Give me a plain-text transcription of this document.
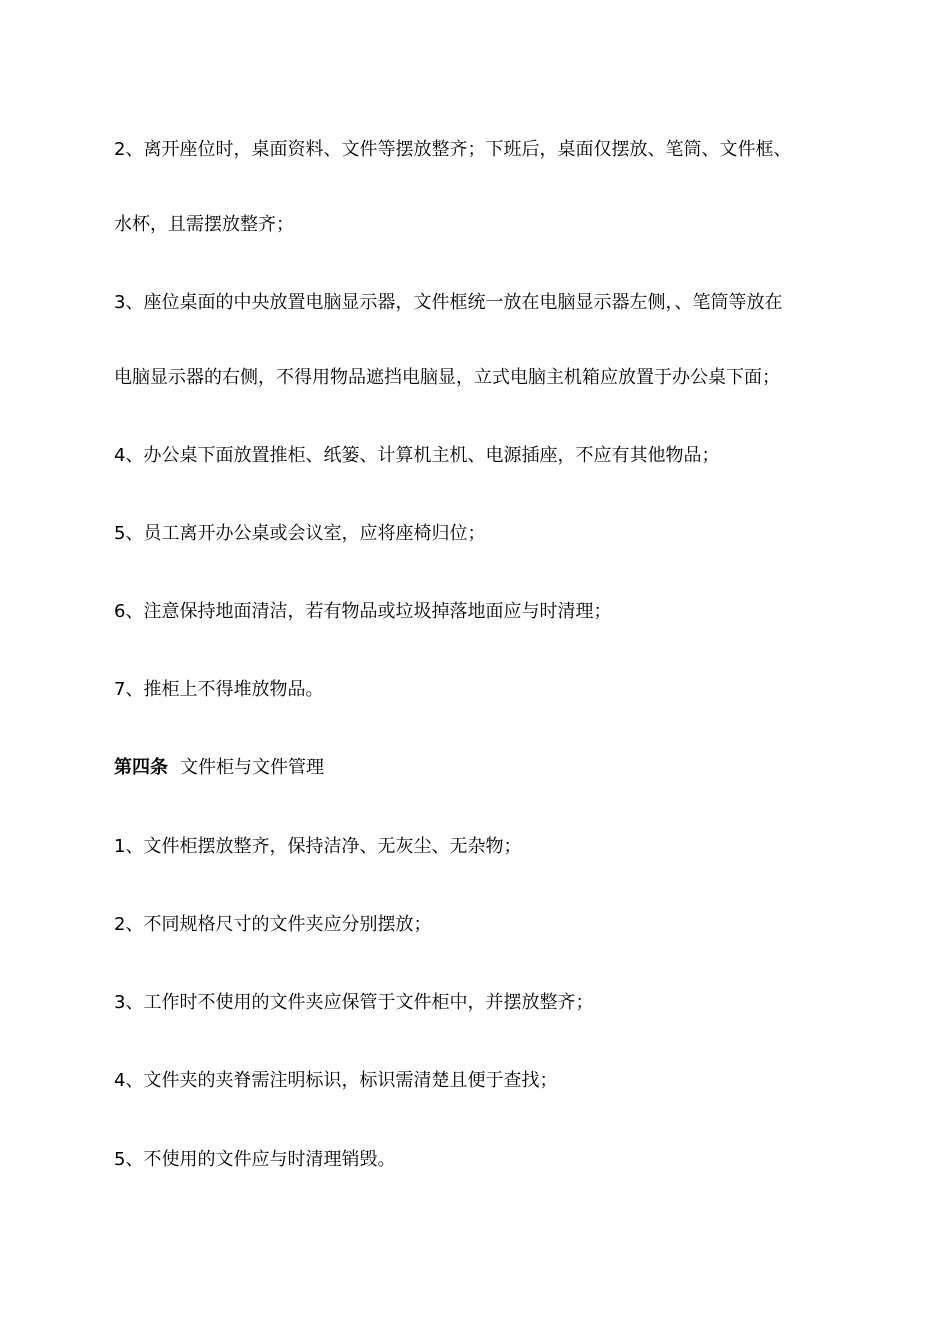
2、离开座位时，桌面资料、文件等摆放整齐；下班后，桌面仅摆放、笔筒、文件框、
水杯，且需摆放整齐；
3、座位桌面的中央放置电脑显示器，文件框统一放在电脑显示器左侧，、笔筒等放在
电脑显示器的右侧，不得用物品遮挡电脑显，立式电脑主机箱应放置于办公桌下面；
4、办公桌下面放置推柜、纸篓、计算机主机、电源插座，不应有其他物品；
5、员工离开办公桌或会议室，应将座椅归位；
6、注意保持地面清洁，若有物品或垃圾掉落地面应与时清理；
7、推柜上不得堆放物品。
第四条 文件柜与文件管理
1、文件柜摆放整齐，保持洁净、无灰尘、无杂物；
2、不同规格尺寸的文件夹应分别摆放；
3、工作时不使用的文件夹应保管于文件柜中，并摆放整齐；
4、文件夹的夹脊需注明标识，标识需清楚且便于查找；
5、不使用的文件应与时清理销毁。
